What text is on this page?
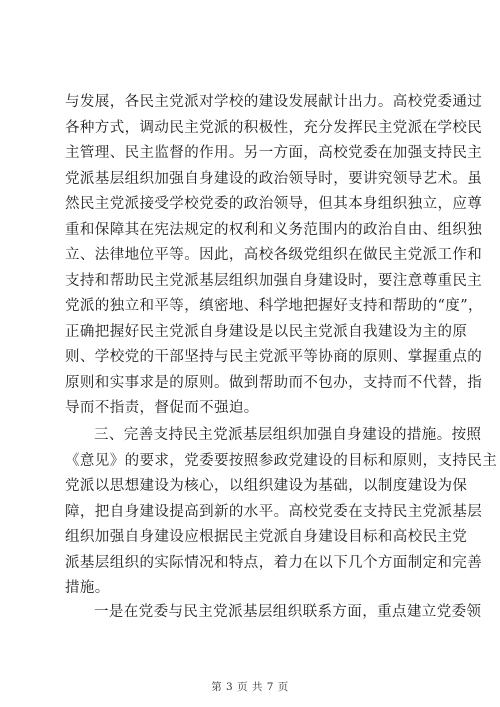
与发展，各民主党派对学校的建设发展献计出力。高校党委通过
各种方式，调动民主党派的积极性，充分发挥民主党派在学校民
主管理、民主监督的作用。另一方面，高校党委在加强支持民主
党派基层组织加强自身建设的政治领导时，要讲究领导艺术。虽
然民主党派接受学校党委的政治领导，但其本身组织独立，应尊
重和保障其在宪法规定的权利和义务范围内的政治自由、组织独
立、法律地位平等。因此，高校各级党组织在做民主党派工作和
支持和帮助民主党派基层组织加强自身建设时，要注意尊重民主
党派的独立和平等，缜密地、科学地把握好支持和帮助的“度”，
正确把握好民主党派自身建设是以民主党派自我建设为主的原
则、学校党的干部坚持与民主党派平等协商的原则、掌握重点的
原则和实事求是的原则。做到帮助而不包办，支持而不代替，指
导而不指责，督促而不强迫。
三、完善支持民主党派基层组织加强自身建设的措施。按照
《意见》的要求，党委要按照参政党建设的目标和原则，支持民主
党派以思想建设为核心，以组织建设为基础，以制度建设为保
障，把自身建设提高到新的水平。高校党委在支持民主党派基层
组织加强自身建设应根据民主党派自身建设目标和高校民主党
派基层组织的实际情况和特点，着力在以下几个方面制定和完善
措施。
一是在党委与民主党派基层组织联系方面，重点建立党委领
第 3 页 共 7 页
